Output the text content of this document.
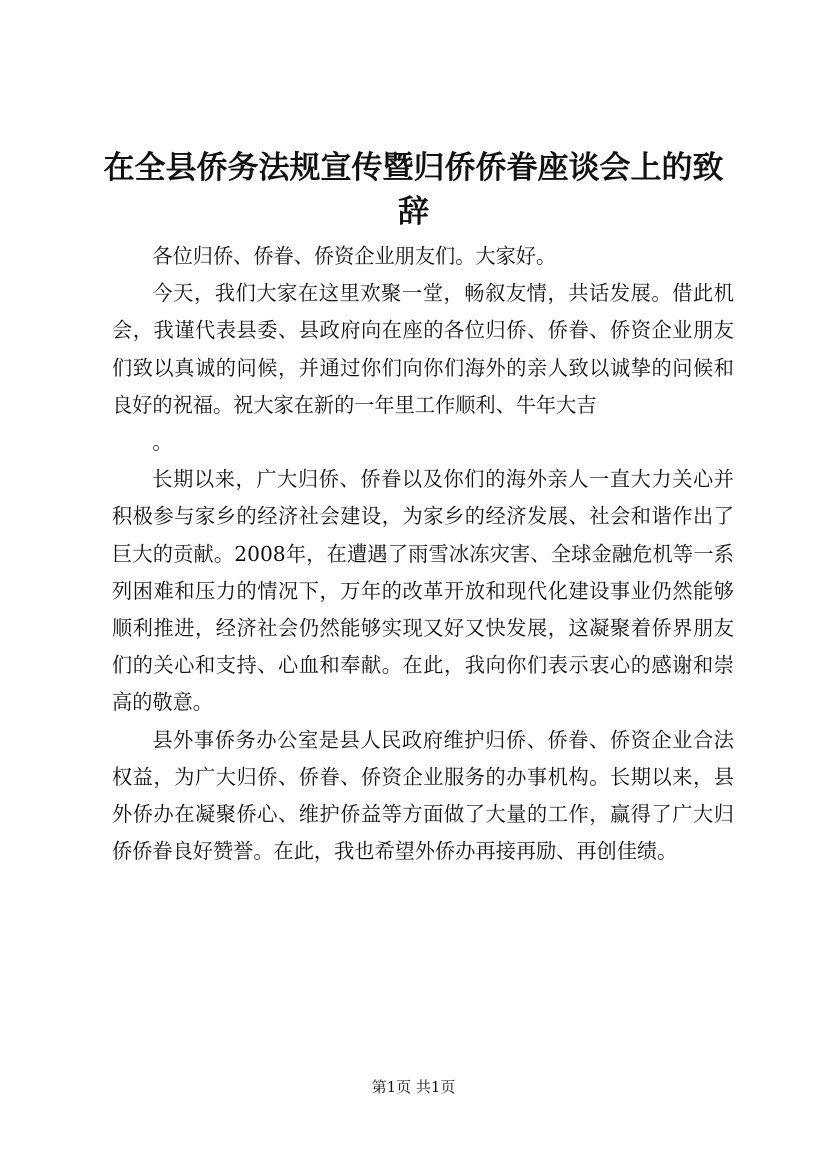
在全县侨务法规宣传暨归侨侨眷座谈会上的致辞

各位归侨、侨眷、侨资企业朋友们。大家好。

今天，我们大家在这里欢聚一堂，畅叙友情，共话发展。借此机会，我谨代表县委、县政府向在座的各位归侨、侨眷、侨资企业朋友们致以真诚的问候，并通过你们向你们海外的亲人致以诚挚的问候和良好的祝福。祝大家在新的一年里工作顺利、牛年大吉

。

长期以来，广大归侨、侨眷以及你们的海外亲人一直大力关心并积极参与家乡的经济社会建设，为家乡的经济发展、社会和谐作出了巨大的贡献。2008年，在遭遇了雨雪冰冻灾害、全球金融危机等一系列困难和压力的情况下，万年的改革开放和现代化建设事业仍然能够顺利推进，经济社会仍然能够实现又好又快发展，这凝聚着侨界朋友们的关心和支持、心血和奉献。在此，我向你们表示衷心的感谢和崇高的敬意。

县外事侨务办公室是县人民政府维护归侨、侨眷、侨资企业合法权益，为广大归侨、侨眷、侨资企业服务的办事机构。长期以来，县外侨办在凝聚侨心、维护侨益等方面做了大量的工作，赢得了广大归侨侨眷良好赞誉。在此，我也希望外侨办再接再励、再创佳绩。

第1页 共1页
